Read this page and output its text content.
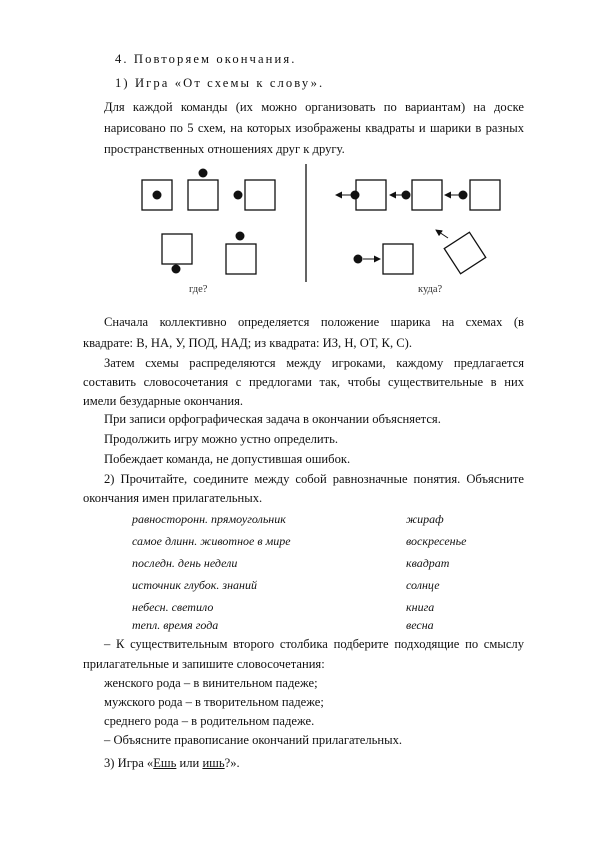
4. Повторяем окончания.
1) Игра «От схемы к слову».
Для каждой команды (их можно организовать по вариантам) на доске
нарисовано по 5 схем, на которых изображены квадраты и шарики в разных
пространственных отношениях друг к другу.
где?	куда?
Сначала коллективно определяется положение шарика на схемах (в
квадрате: В, НА, У, ПОД, НАД; из квадрата: ИЗ, Н, ОТ, К, С).
Затем схемы распределяются между игроками, каждому предлагается
составить словосочетания с предлогами так, чтобы существительные в них
имели безударные окончания.
При записи орфографическая задача в окончании объясняется.
Продолжить игру можно устно определить.
Побеждает команда, не допустившая ошибок.
2) Прочитайте, соедините между собой равнозначные понятия. Объясните
окончания имен прилагательных.
равносторонн. прямоугольник	жираф
самое длинн. животное в мире	воскресенье
последн. день недели	квадрат
источник глубок. знаний	солнце
небесн. светило	книга
тепл. время года	весна
– К существительным второго столбика подберите подходящие по смыслу
прилагательные и запишите словосочетания:
женского рода – в винительном падеже;
мужского рода – в творительном падеже;
среднего рода – в родительном падеже.
– Объясните правописание окончаний прилагательных.
3) Игра «Ешь или ишь?».
